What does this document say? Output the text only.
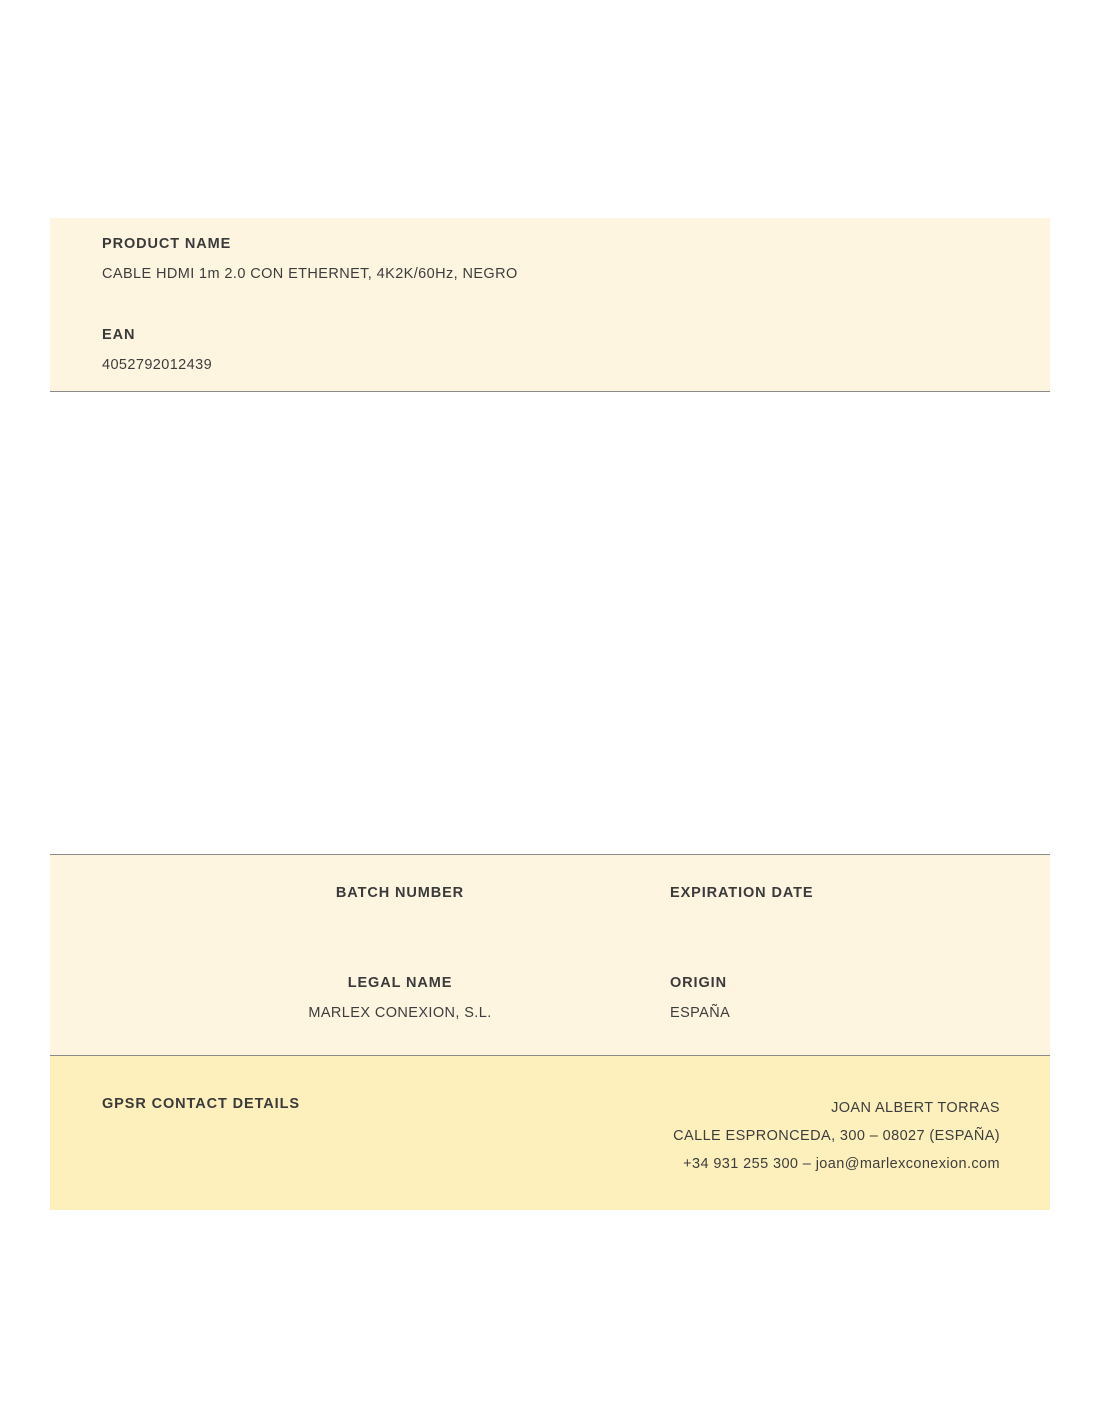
PRODUCT NAME
CABLE HDMI 1m 2.0 CON ETHERNET, 4K2K/60Hz, NEGRO
EAN
4052792012439
BATCH NUMBER	EXPIRATION DATE
LEGAL NAME
MARLEX CONEXION, S.L.
ORIGIN
ESPAÑA
GPSR CONTACT DETAILS	JOAN ALBERT TORRAS
CALLE ESPRONCEDA, 300 – 08027 (ESPAÑA)
+34 931 255 300 – joan@marlexconexion.com
